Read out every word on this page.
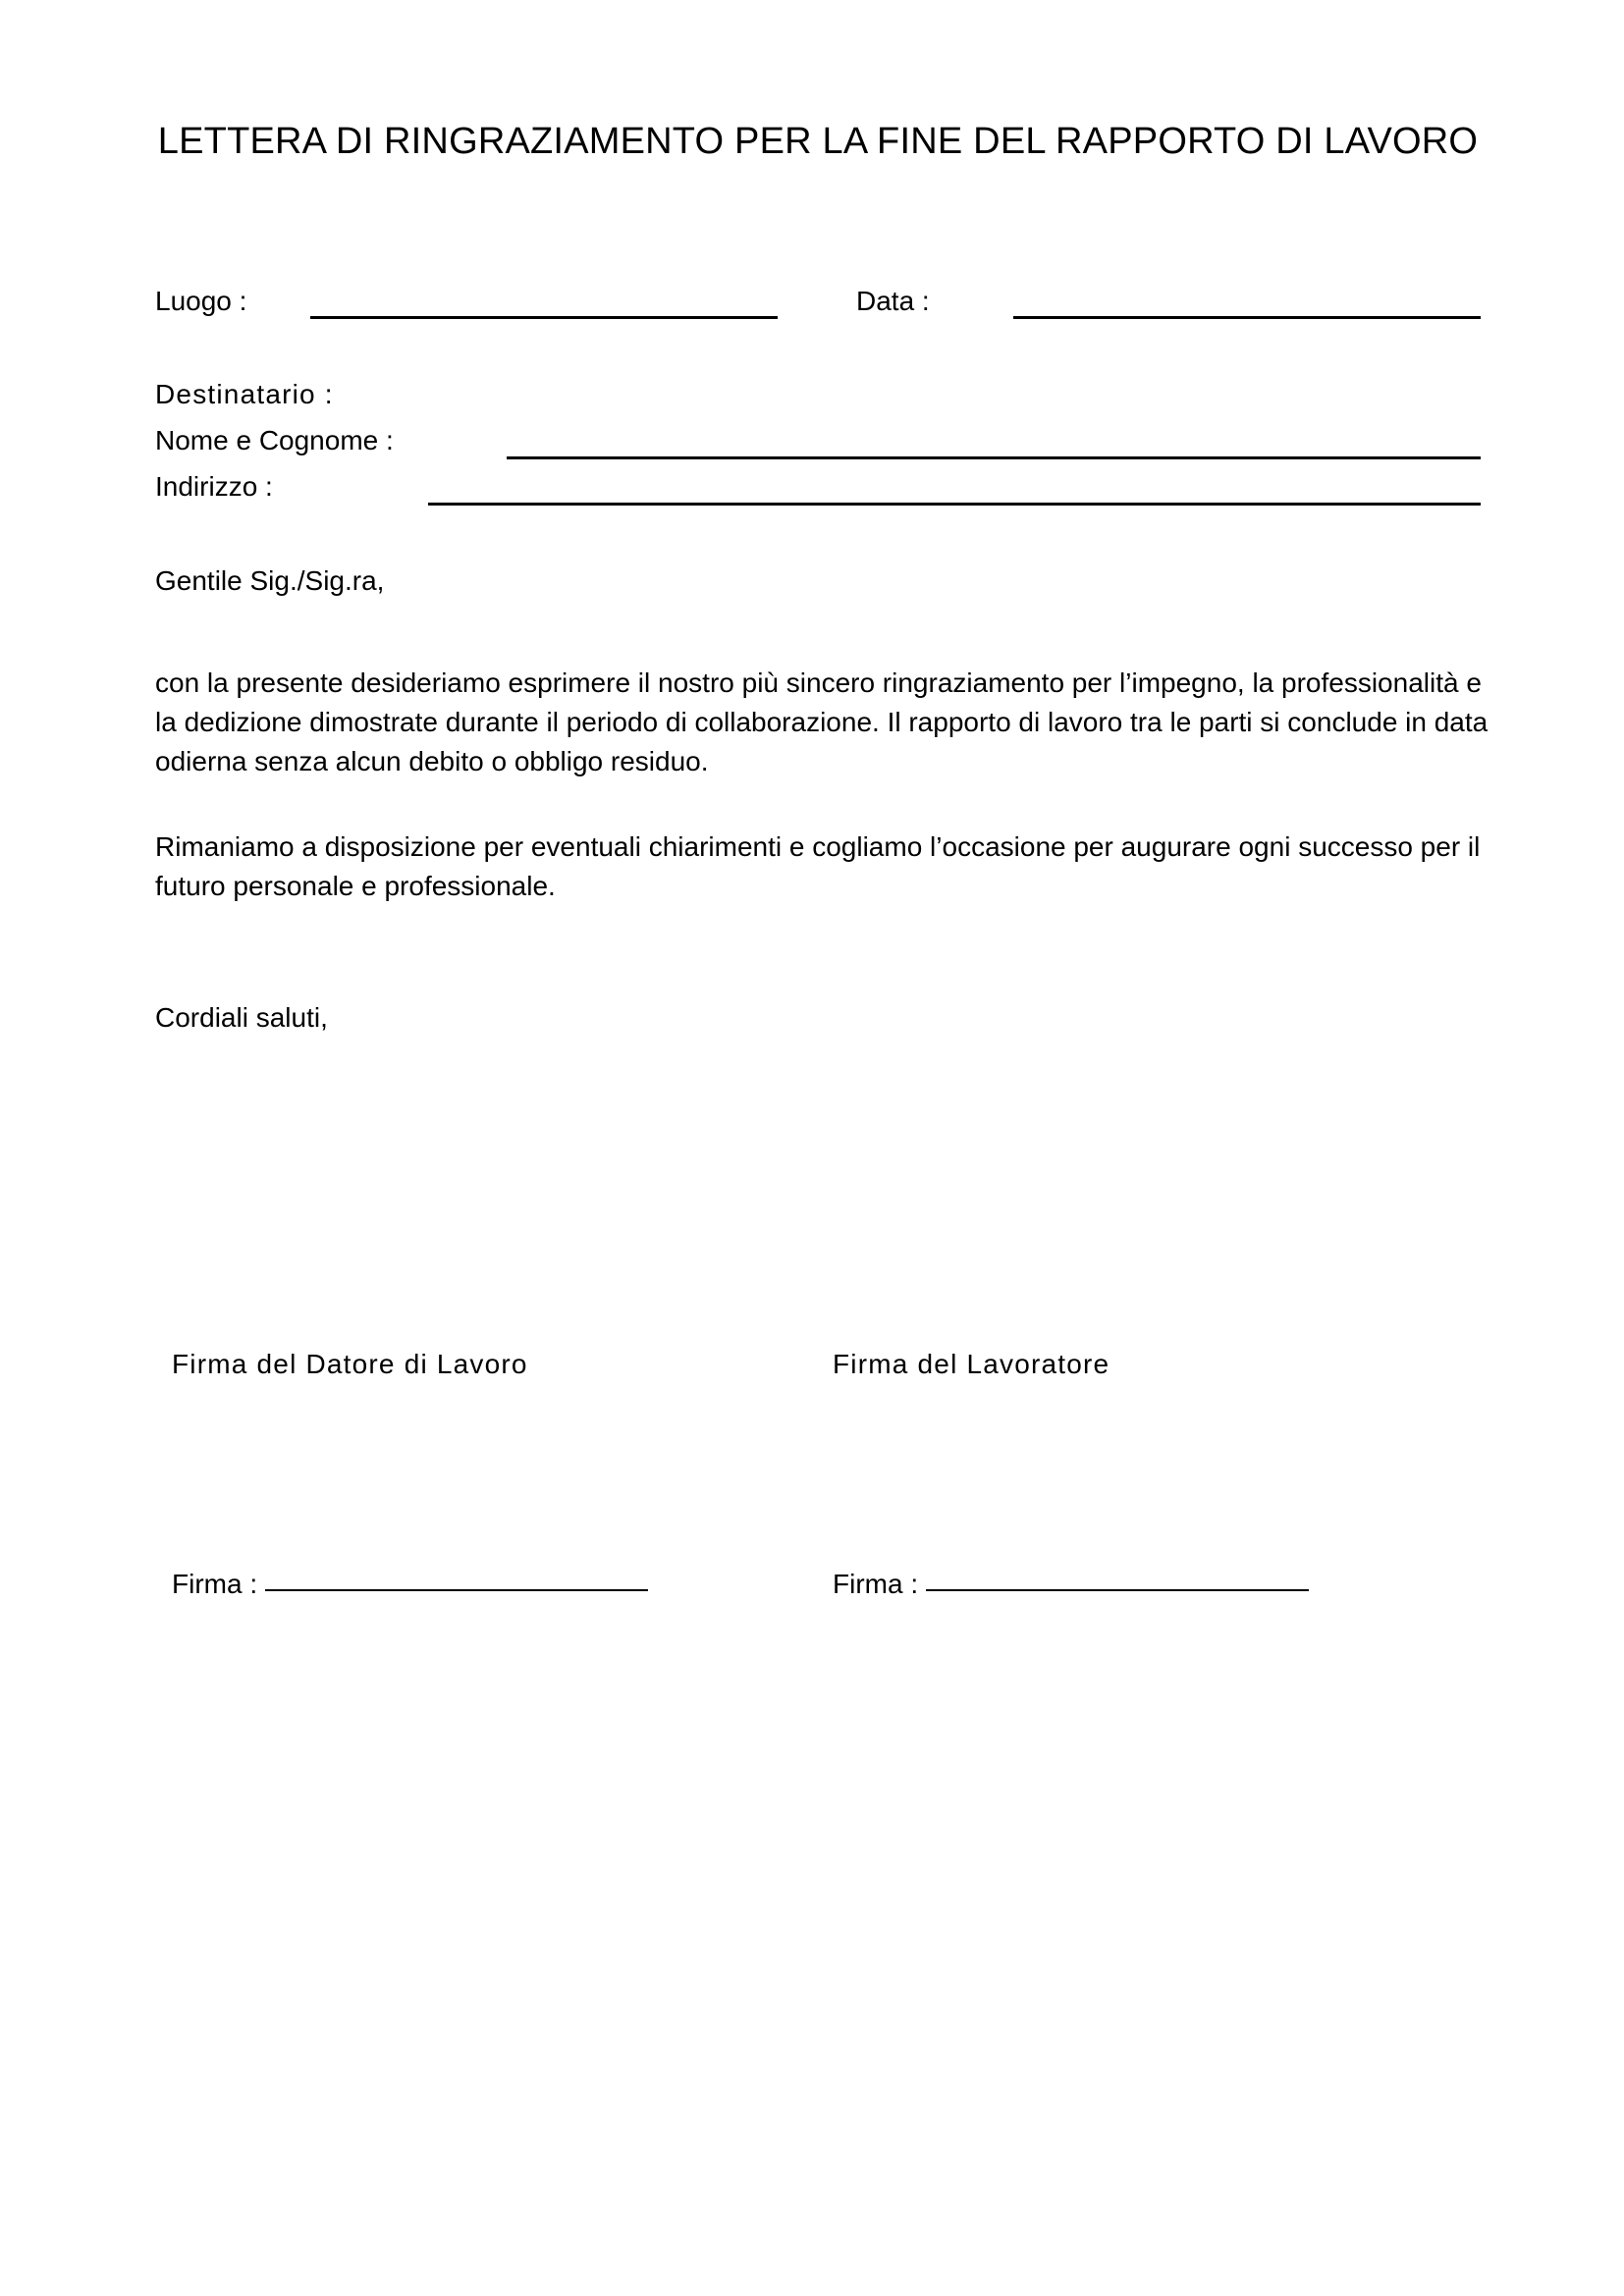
LETTERA DI RINGRAZIAMENTO PER LA FINE DEL RAPPORTO DI LAVORO
Luogo :	Data :
Destinatario :
Nome e Cognome :
Indirizzo :
Gentile Sig./Sig.ra,
con la presente desideriamo esprimere il nostro più sincero ringraziamento per l’impegno, la professionalità e la dedizione dimostrate durante il periodo di collaborazione. Il rapporto di lavoro tra le parti si conclude in data odierna senza alcun debito o obbligo residuo.
Rimaniamo a disposizione per eventuali chiarimenti e cogliamo l’occasione per augurare ogni successo per il futuro personale e professionale.
Cordiali saluti,
Firma del Datore di Lavoro	Firma del Lavoratore
Firma :	Firma :
